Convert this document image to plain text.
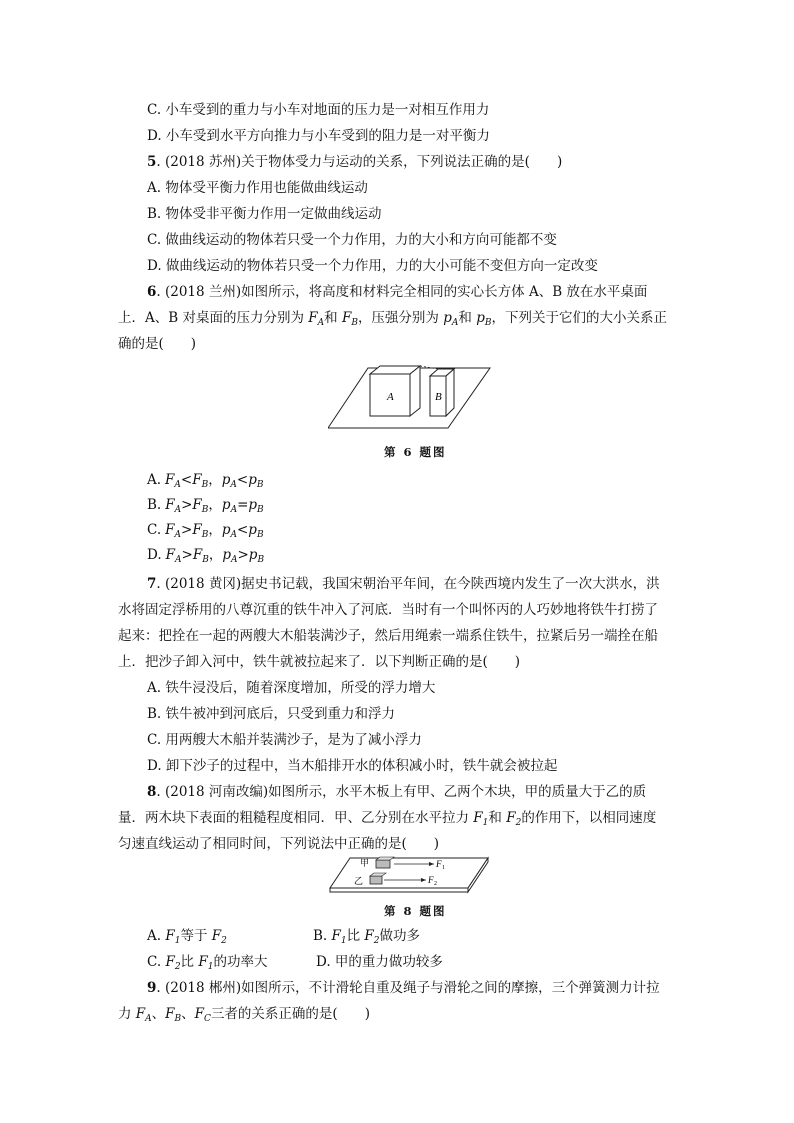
C. 小车受到的重力与小车对地面的压力是一对相互作用力
D. 小车受到水平方向推力与小车受到的阻力是一对平衡力
5. (2018 苏州)关于物体受力与运动的关系，下列说法正确的是(　　)
A. 物体受平衡力作用也能做曲线运动
B. 物体受非平衡力作用一定做曲线运动
C. 做曲线运动的物体若只受一个力作用，力的大小和方向可能都不变
D. 做曲线运动的物体若只受一个力作用，力的大小可能不变但方向一定改变
6. (2018 兰州)如图所示，将高度和材料完全相同的实心长方体 A、B 放在水平桌面
上．A、B 对桌面的压力分别为 $F_A$和 $F_B$，压强分别为 $p_A$和 $p_B$，下列关于它们的大小关系正
确的是(　　)
A	B
第 6 题图
A. $F_A<F_B$，$p_A<p_B$
B. $F_A>F_B$，$p_A=p_B$
C. $F_A>F_B$，$p_A<p_B$
D. $F_A>F_B$，$p_A>p_B$
7. (2018 黄冈)据史书记载，我国宋朝治平年间，在今陕西境内发生了一次大洪水，洪
水将固定浮桥用的八尊沉重的铁牛冲入了河底．当时有一个叫怀丙的人巧妙地将铁牛打捞了
起来：把拴在一起的两艘大木船装满沙子，然后用绳索一端系住铁牛，拉紧后另一端拴在船
上．把沙子卸入河中，铁牛就被拉起来了．以下判断正确的是(　　)
A. 铁牛浸没后，随着深度增加，所受的浮力增大
B. 铁牛被冲到河底后，只受到重力和浮力
C. 用两艘大木船并装满沙子，是为了减小浮力
D. 卸下沙子的过程中，当木船排开水的体积减小时，铁牛就会被拉起
8. (2018 河南改编)如图所示，水平木板上有甲、乙两个木块，甲的质量大于乙的质
量．两木块下表面的粗糙程度相同．甲、乙分别在水平拉力 $F_1$和 $F_2$的作用下，以相同速度
匀速直线运动了相同时间，下列说法中正确的是(　　)
甲	F 1
乙	F 2
第 8 题图
A. $F_1$等于 $F_2$	B. $F_1$比 $F_2$做功多
C. $F_2$比 $F_1$的功率大	D. 甲的重力做功较多
9. (2018 郴州)如图所示，不计滑轮自重及绳子与滑轮之间的摩擦，三个弹簧测力计拉
力 $F_A$、$F_B$、$F_C$三者的关系正确的是(　　)
